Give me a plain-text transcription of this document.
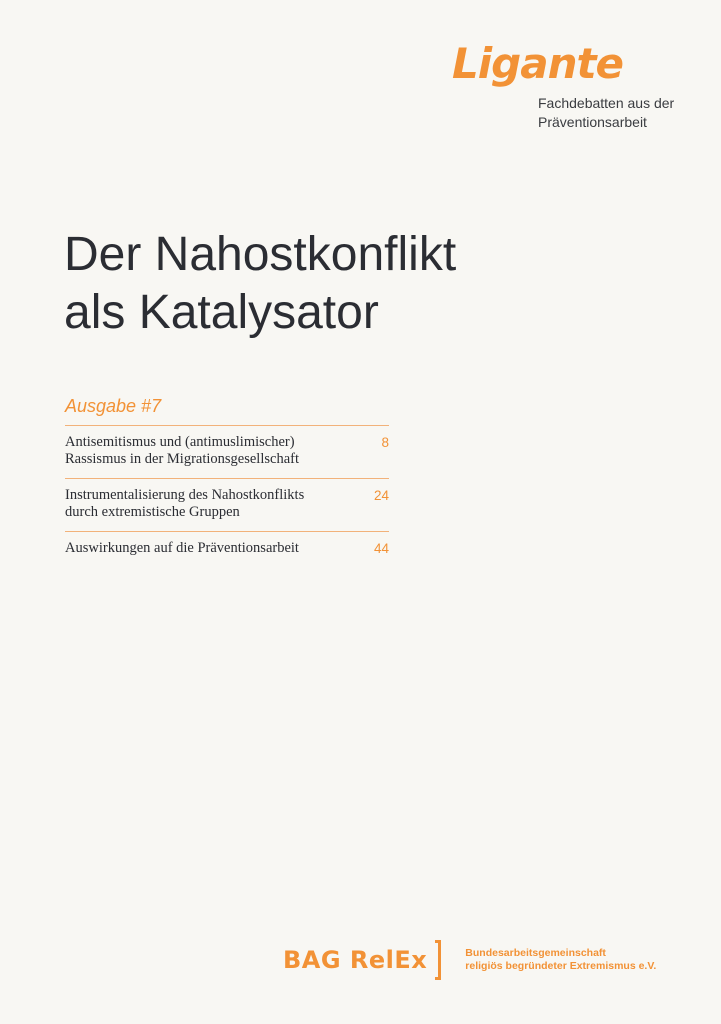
Ligante
Fachdebatten aus der
Präventionsarbeit
Der Nahostkonflikt
als Katalysator
Ausgabe #7
Antisemitismus und (antimuslimischer)
Rassismus in der Migrationsgesellschaft
8
Instrumentalisierung des Nahostkonflikts
durch extremistische Gruppen
24
Auswirkungen auf die Präventionsarbeit	44
BAG RelEx	Bundesarbeitsgemeinschaft
religiös begründeter Extremismus e.V.
